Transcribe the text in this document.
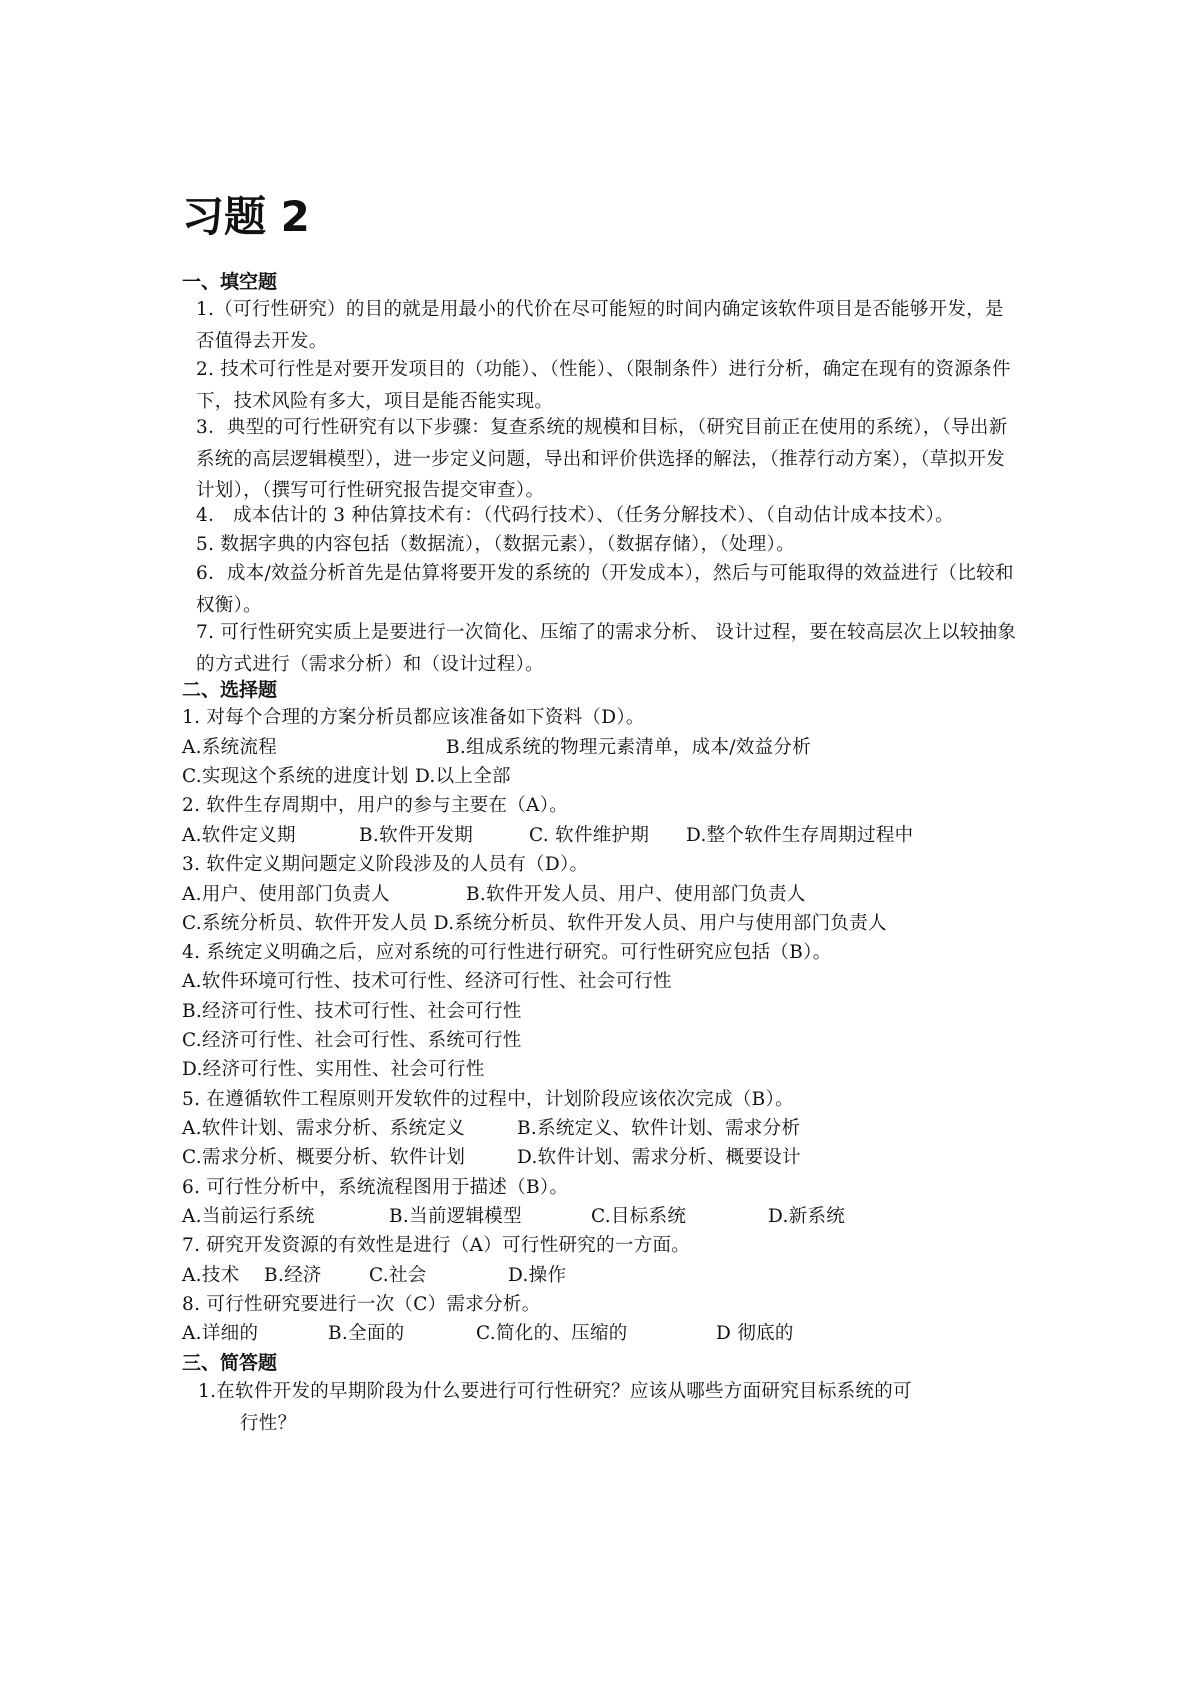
习题 2
一、填空题
1.（可行性研究）的目的就是用最小的代价在尽可能短的时间内确定该软件项目是否能够开发，是否值得去开发。
2. 技术可行性是对要开发项目的（功能）、（性能）、（限制条件）进行分析，确定在现有的资源条件下，技术风险有多大，项目是能否能实现。
3．典型的可行性研究有以下步骤：复查系统的规模和目标，（研究目前正在使用的系统），（导出新系统的高层逻辑模型），进一步定义问题，导出和评价供选择的解法，（推荐行动方案），（草拟开发计划），（撰写可行性研究报告提交审查）。
4． 成本估计的 3 种估算技术有：（代码行技术）、（任务分解技术）、（自动估计成本技术）。
5. 数据字典的内容包括（数据流），（数据元素），（数据存储），（处理）。
6．成本/效益分析首先是估算将要开发的系统的（开发成本），然后与可能取得的效益进行（比较和权衡）。
7. 可行性研究实质上是要进行一次简化、压缩了的需求分析、 设计过程，要在较高层次上以较抽象的方式进行（需求分析）和（设计过程）。
二、选择题
1. 对每个合理的方案分析员都应该准备如下资料（D）。
A.系统流程	B.组成系统的物理元素清单，成本/效益分析
C.实现这个系统的进度计划 D.以上全部
2. 软件生存周期中，用户的参与主要在（A）。
A.软件定义期	B.软件开发期	C. 软件维护期 D.整个软件生存周期过程中
3. 软件定义期问题定义阶段涉及的人员有（D）。
A.用户、使用部门负责人	B.软件开发人员、用户、使用部门负责人
C.系统分析员、软件开发人员 D.系统分析员、软件开发人员、用户与使用部门负责人
4. 系统定义明确之后，应对系统的可行性进行研究。可行性研究应包括（B）。
A.软件环境可行性、技术可行性、经济可行性、社会可行性
B.经济可行性、技术可行性、社会可行性
C.经济可行性、社会可行性、系统可行性
D.经济可行性、实用性、社会可行性
5. 在遵循软件工程原则开发软件的过程中，计划阶段应该依次完成（B）。
A.软件计划、需求分析、系统定义	B.系统定义、软件计划、需求分析
C.需求分析、概要分析、软件计划	D.软件计划、需求分析、概要设计
6. 可行性分析中，系统流程图用于描述（B）。
A.当前运行系统	B.当前逻辑模型	C.目标系统	D.新系统
7. 研究开发资源的有效性是进行（A）可行性研究的一方面。
A.技术 B.经济	C.社会	D.操作
8. 可行性研究要进行一次（C）需求分析。
A.详细的	B.全面的	C.简化的、压缩的	D 彻底的
三、简答题
1.在软件开发的早期阶段为什么要进行可行性研究？应该从哪些方面研究目标系统的可
行性？
